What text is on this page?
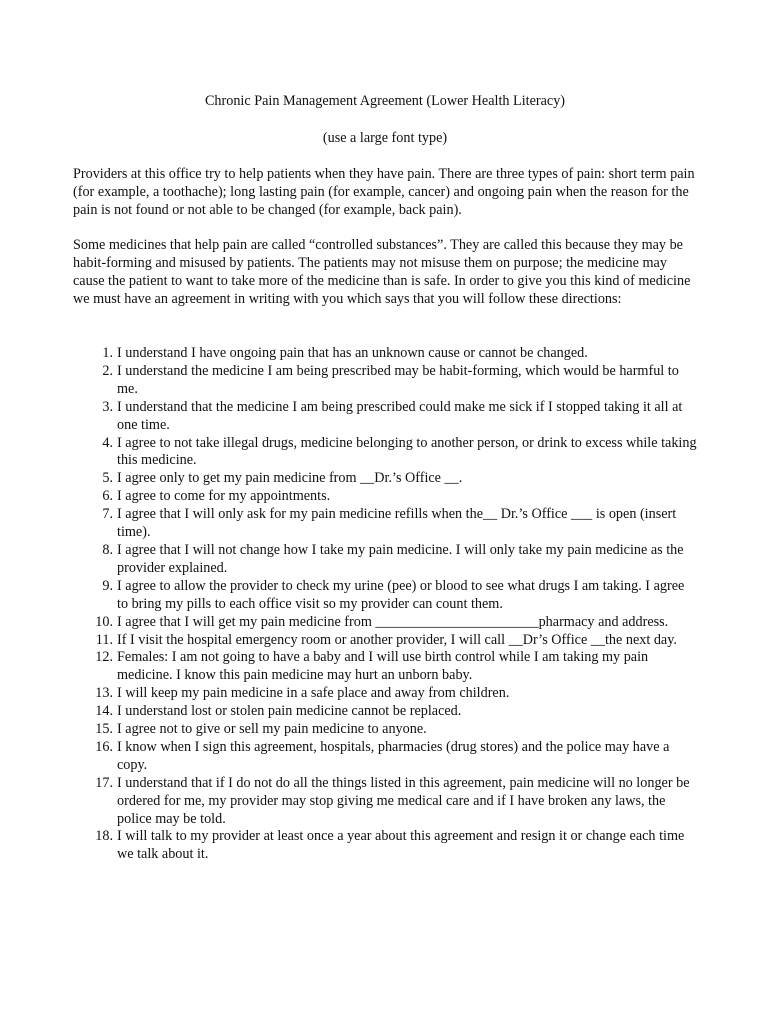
Chronic Pain Management Agreement (Lower Health Literacy)

(use a large font type)

Providers at this office try to help patients when they have pain. There are three types of pain: short term pain (for example, a toothache); long lasting pain (for example, cancer) and ongoing pain when the reason for the pain is not found or not able to be changed (for example, back pain).

Some medicines that help pain are called “controlled substances”. They are called this because they may be habit-forming and misused by patients. The patients may not misuse them on purpose; the medicine may cause the patient to want to take more of the medicine than is safe. In order to give you this kind of medicine we must have an agreement in writing with you which says that you will follow these directions:

1. I understand I have ongoing pain that has an unknown cause or cannot be changed.
2. I understand the medicine I am being prescribed may be habit-forming, which would be harmful to me.
3. I understand that the medicine I am being prescribed could make me sick if I stopped taking it all at one time.
4. I agree to not take illegal drugs, medicine belonging to another person, or drink to excess while taking this medicine.
5. I agree only to get my pain medicine from __Dr.’s Office __.
6. I agree to come for my appointments.
7. I agree that I will only ask for my pain medicine refills when the__ Dr.’s Office ___ is open (insert time).
8. I agree that I will not change how I take my pain medicine. I will only take my pain medicine as the provider explained.
9. I agree to allow the provider to check my urine (pee) or blood to see what drugs I am taking. I agree to bring my pills to each office visit so my provider can count them.
10. I agree that I will get my pain medicine from _______________________pharmacy and address.
11. If I visit the hospital emergency room or another provider, I will call __Dr’s Office __the next day.
12. Females: I am not going to have a baby and I will use birth control while I am taking my pain medicine. I know this pain medicine may hurt an unborn baby.
13. I will keep my pain medicine in a safe place and away from children.
14. I understand lost or stolen pain medicine cannot be replaced.
15. I agree not to give or sell my pain medicine to anyone.
16. I know when I sign this agreement, hospitals, pharmacies (drug stores) and the police may have a copy.
17. I understand that if I do not do all the things listed in this agreement, pain medicine will no longer be ordered for me, my provider may stop giving me medical care and if I have broken any laws, the police may be told.
18. I will talk to my provider at least once a year about this agreement and resign it or change each time we talk about it.
